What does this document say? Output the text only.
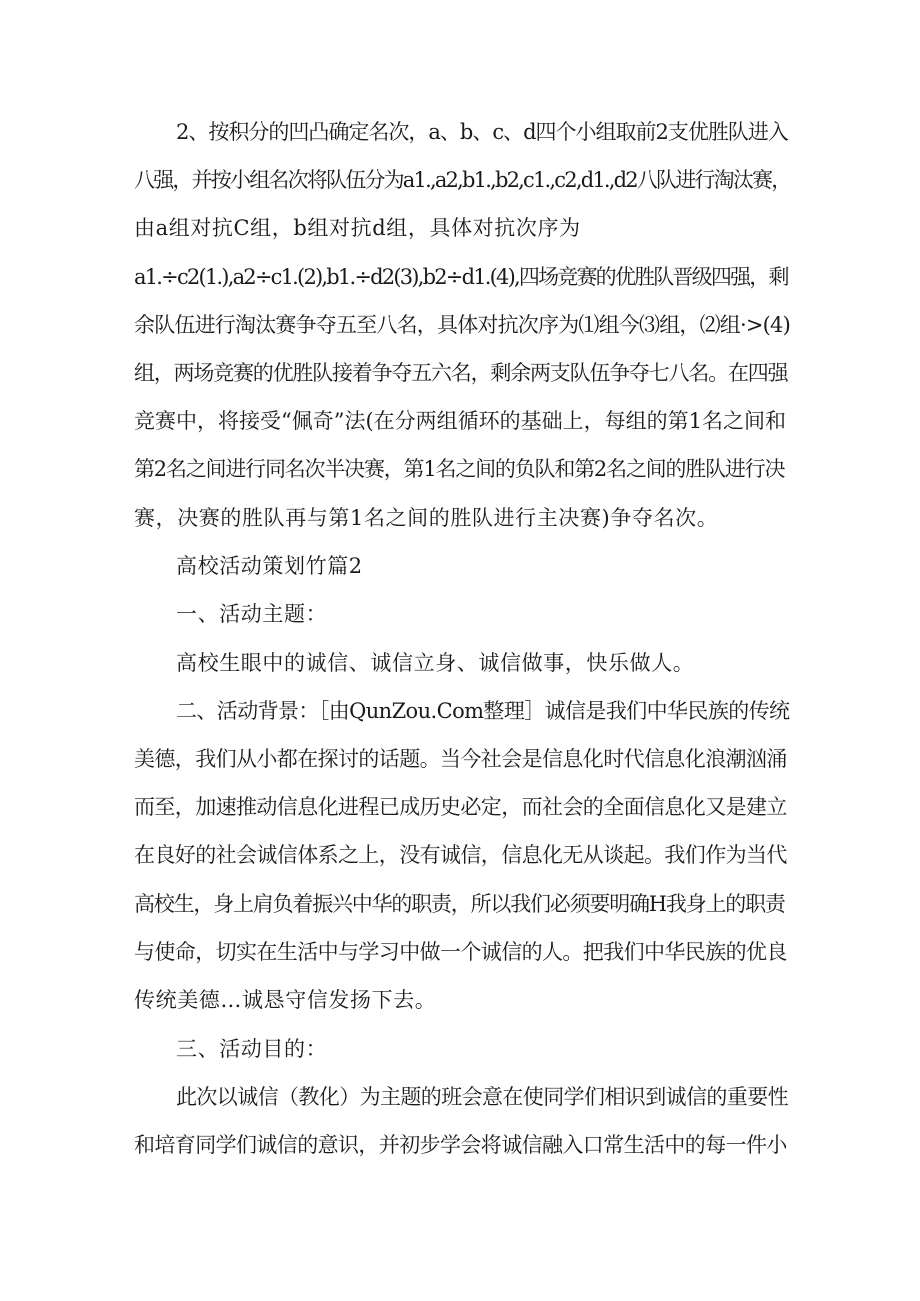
2、按积分的凹凸确定名次，a、b、c、d四个小组取前2支优胜队进入
八强，并按小组名次将队伍分为a1.,a2,b1.,b2,c1.,c2,d1.,d2八队进行淘汰赛，
由a组对抗C组，b组对抗d组，具体对抗次序为
a1.÷c2(1.),a2÷c1.(2),b1.÷d2(3),b2÷d1.(4),四场竞赛的优胜队晋级四强，剩
余队伍进行淘汰赛争夺五至八名，具体对抗次序为⑴组今⑶组，⑵组·>(4)
组，两场竞赛的优胜队接着争夺五六名，剩余两支队伍争夺七八名。在四强
竞赛中，将接受“佩奇”法(在分两组循环的基础上，每组的第1名之间和
第2名之间进行同名次半决赛，第1名之间的负队和第2名之间的胜队进行决
赛，决赛的胜队再与第1名之间的胜队进行主决赛)争夺名次。
高校活动策划竹篇2
一、活动主题：
高校生眼中的诚信、诚信立身、诚信做事，快乐做人。
二、活动背景：［由QunZou.Com整理］诚信是我们中华民族的传统
美德，我们从小都在探讨的话题。当今社会是信息化时代信息化浪潮汹涌
而至，加速推动信息化进程已成历史必定，而社会的全面信息化又是建立
在良好的社会诚信体系之上，没有诚信，信息化无从谈起。我们作为当代
高校生，身上肩负着振兴中华的职责，所以我们必须要明确H我身上的职责
与使命，切实在生活中与学习中做一个诚信的人。把我们中华民族的优良
传统美德…诚恳守信发扬下去。
三、活动目的：
此次以诚信（教化）为主题的班会意在使同学们相识到诚信的重要性
和培育同学们诚信的意识，并初步学会将诚信融入口常生活中的每一件小
